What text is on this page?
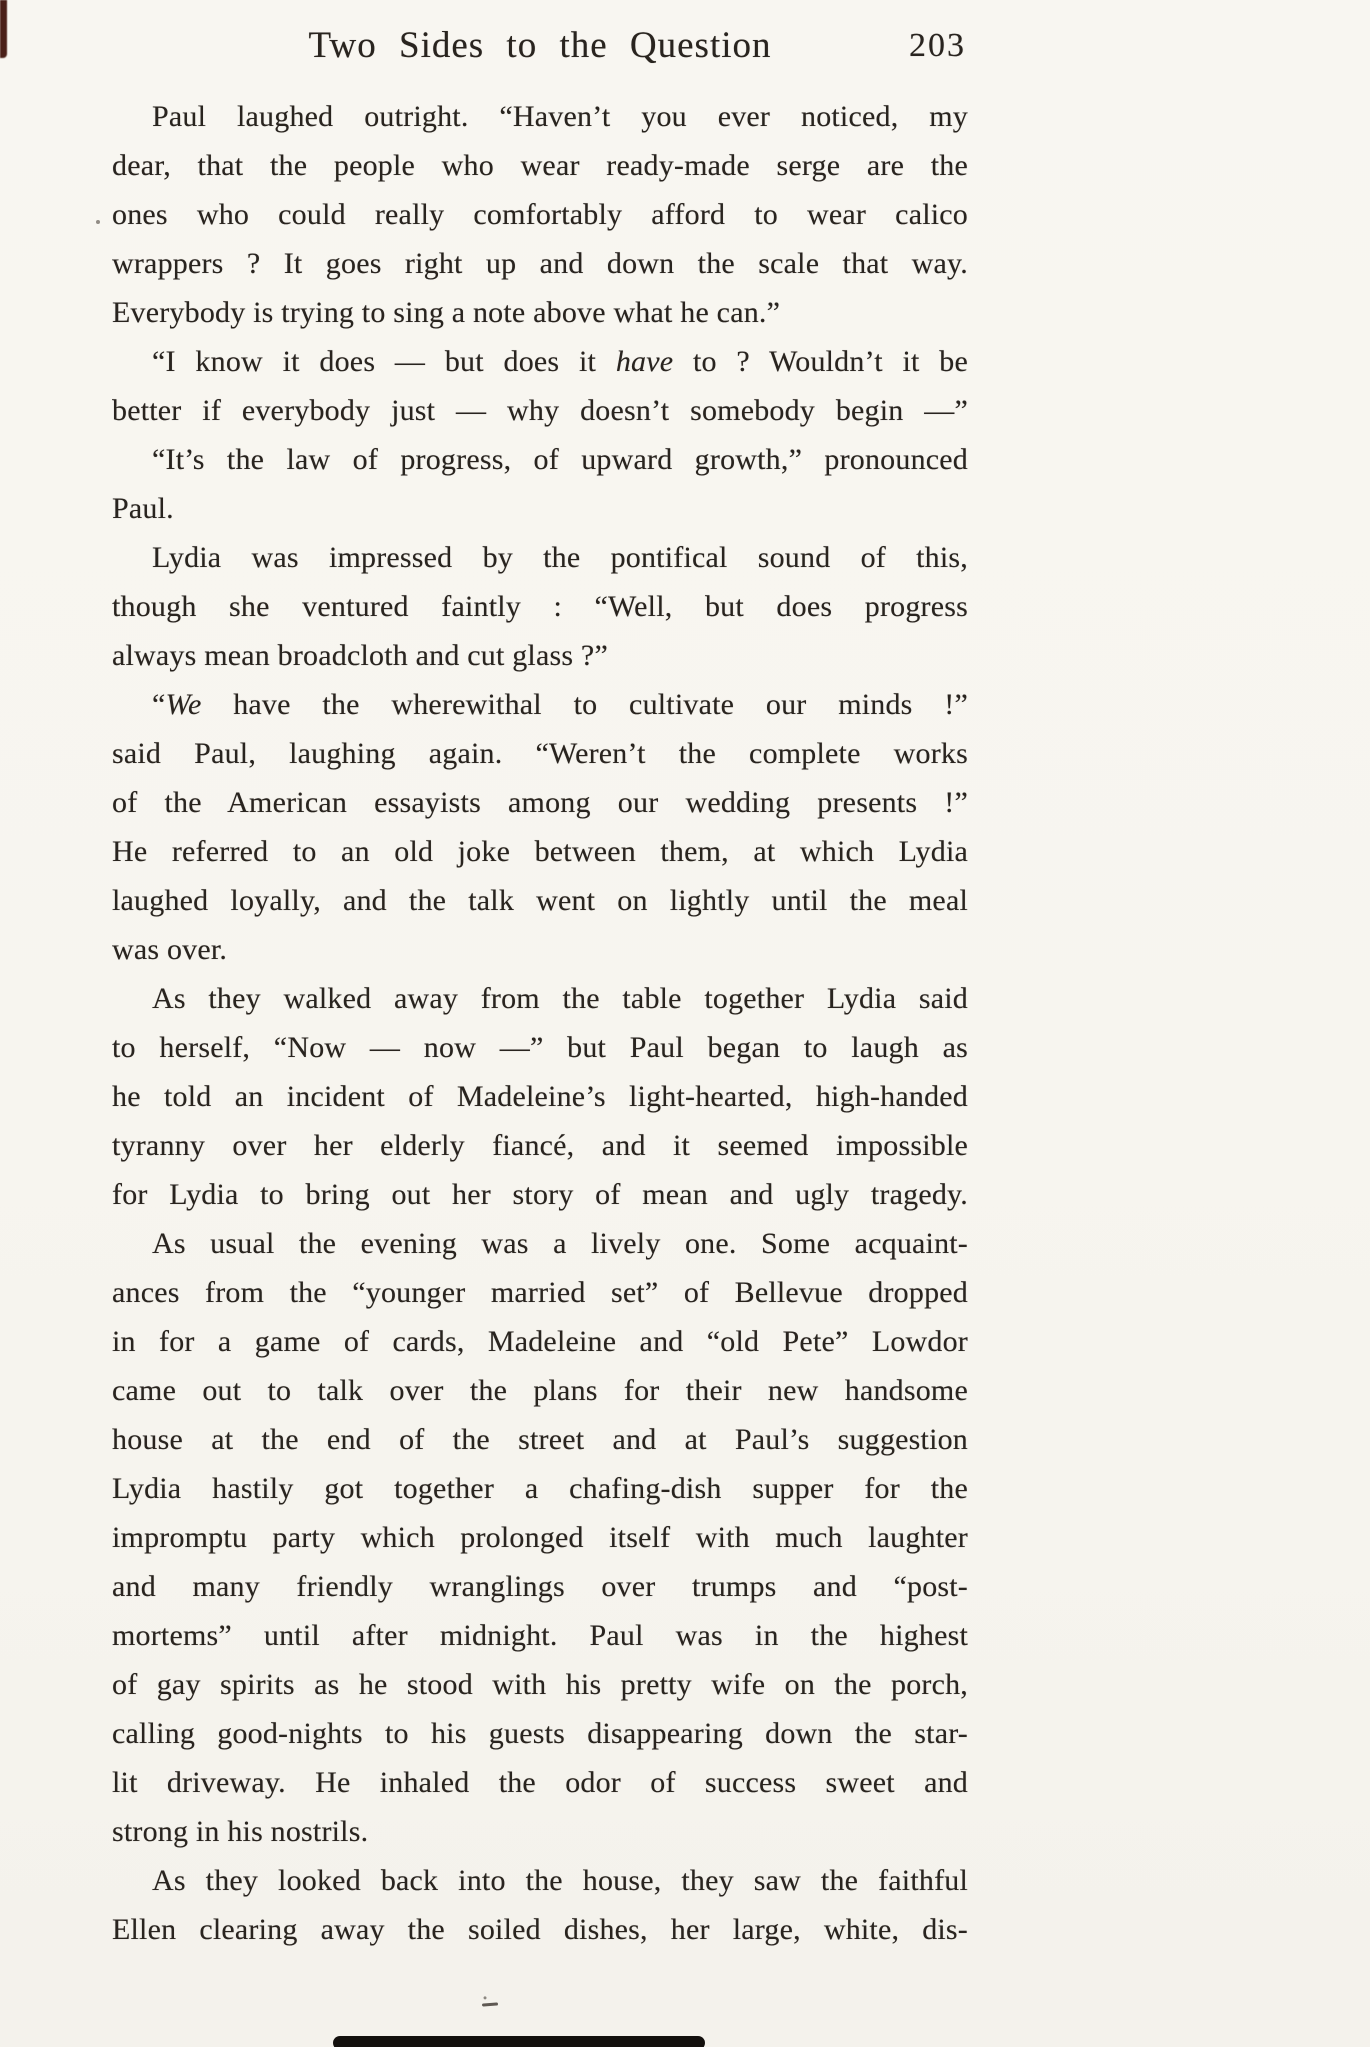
Two Sides to the Question	203
Paul laughed outright. “Haven’t you ever noticed, my
dear, that the people who wear ready-made serge are the
ones who could really comfortably afford to wear calico
wrappers ? It goes right up and down the scale that way.
Everybody is trying to sing a note above what he can.”
“I know it does — but does it have to ? Wouldn’t it be
better if everybody just — why doesn’t somebody begin —”
“It’s the law of progress, of upward growth,” pronounced
Paul.
Lydia was impressed by the pontifical sound of this,
though she ventured faintly : “Well, but does progress
always mean broadcloth and cut glass ?”
“We have the wherewithal to cultivate our minds !”
said Paul, laughing again. “Weren’t the complete works
of the American essayists among our wedding presents !”
He referred to an old joke between them, at which Lydia
laughed loyally, and the talk went on lightly until the meal
was over.
As they walked away from the table together Lydia said
to herself, “Now — now —” but Paul began to laugh as
he told an incident of Madeleine’s light-hearted, high-handed
tyranny over her elderly fiancé, and it seemed impossible
for Lydia to bring out her story of mean and ugly tragedy.
As usual the evening was a lively one. Some acquaint-
ances from the “younger married set” of Bellevue dropped
in for a game of cards, Madeleine and “old Pete” Lowdor
came out to talk over the plans for their new handsome
house at the end of the street and at Paul’s suggestion
Lydia hastily got together a chafing-dish supper for the
impromptu party which prolonged itself with much laughter
and many friendly wranglings over trumps and “post-
mortems” until after midnight. Paul was in the highest
of gay spirits as he stood with his pretty wife on the porch,
calling good-nights to his guests disappearing down the star-
lit driveway. He inhaled the odor of success sweet and
strong in his nostrils.
As they looked back into the house, they saw the faithful
Ellen clearing away the soiled dishes, her large, white, dis-
